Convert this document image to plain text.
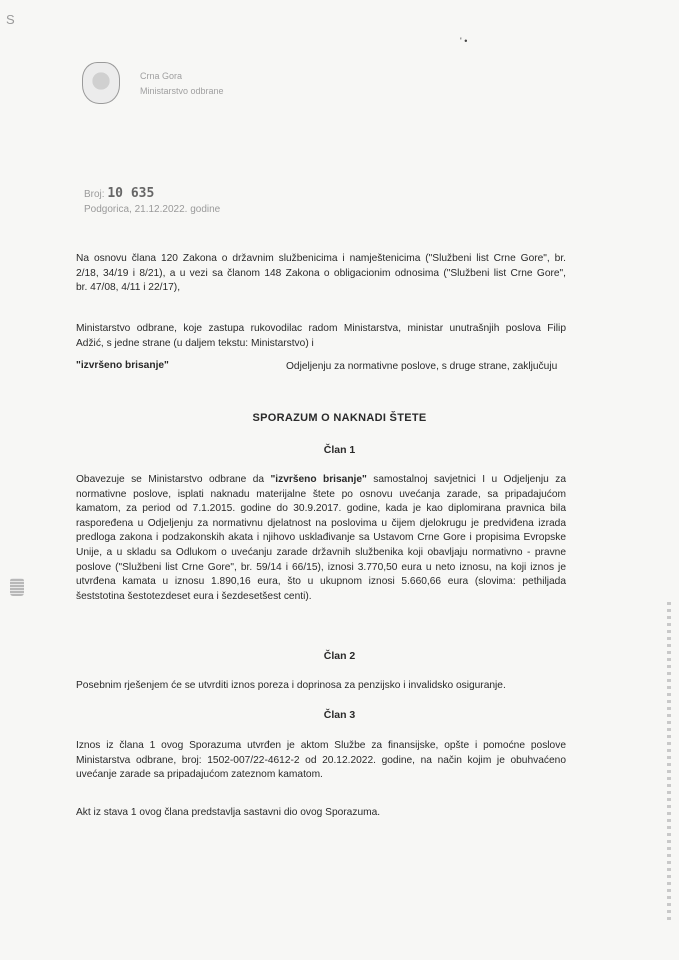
S
' •
Crna Gora
Ministarstvo odbrane
Broj: 10 635
Podgorica, 21.12.2022. godine
Na osnovu člana 120 Zakona o državnim službenicima i namještenicima ("Službeni list Crne Gore", br.
2/18, 34/19 i 8/21), a u vezi sa članom 148 Zakona o obligacionim odnosima ("Službeni list Crne Gore",
br. 47/08, 4/11 i 22/17),
Ministarstvo odbrane, koje zastupa rukovodilac radom Ministarstva, ministar unutrašnjih poslova Filip
Adžić, s jedne strane (u daljem tekstu: Ministarstvo) i
"izvršeno brisanje"	Odjeljenju za normativne poslove, s druge strane, zaključuju
SPORAZUM O NAKNADI ŠTETE
Član 1
Obavezuje se Ministarstvo odbrane da "izvršeno brisanje" samostalnoj savjetnici I u Odjeljenju za
normativne poslove, isplati naknadu materijalne štete po osnovu uvećanja zarade, sa pripadajućom
kamatom, za period od 7.1.2015. godine do 30.9.2017. godine, kada je kao diplomirana pravnica bila
raspoređena u Odjeljenju za normativnu djelatnost na poslovima u čijem djelokrugu je predviđena izrada
predloga zakona i podzakonskih akata i njihovo usklađivanje sa Ustavom Crne Gore i propisima Evropske
Unije, a u skladu sa Odlukom o uvećanju zarade državnih službenika koji obavljaju normativno - pravne
poslove ("Službeni list Crne Gore", br. 59/14 i 66/15), iznosi 3.770,50 eura u neto iznosu, na koji iznos je
utvrđena kamata u iznosu 1.890,16 eura, što u ukupnom iznosi 5.660,66 eura (slovima: pethiljada
šeststotina šestotezdeset eura i šezdesetšest centi).
Član 2
Posebnim rješenjem će se utvrditi iznos poreza i doprinosa za penzijsko i invalidsko osiguranje.
Član 3
Iznos iz člana 1 ovog Sporazuma utvrđen je aktom Službe za finansijske, opšte i pomoćne poslove
Ministarstva odbrane, broj: 1502-007/22-4612-2 od 20.12.2022. godine, na način kojim je obuhvaćeno
uvećanje zarade sa pripadajućom zateznom kamatom.
Akt iz stava 1 ovog člana predstavlja sastavni dio ovog Sporazuma.
